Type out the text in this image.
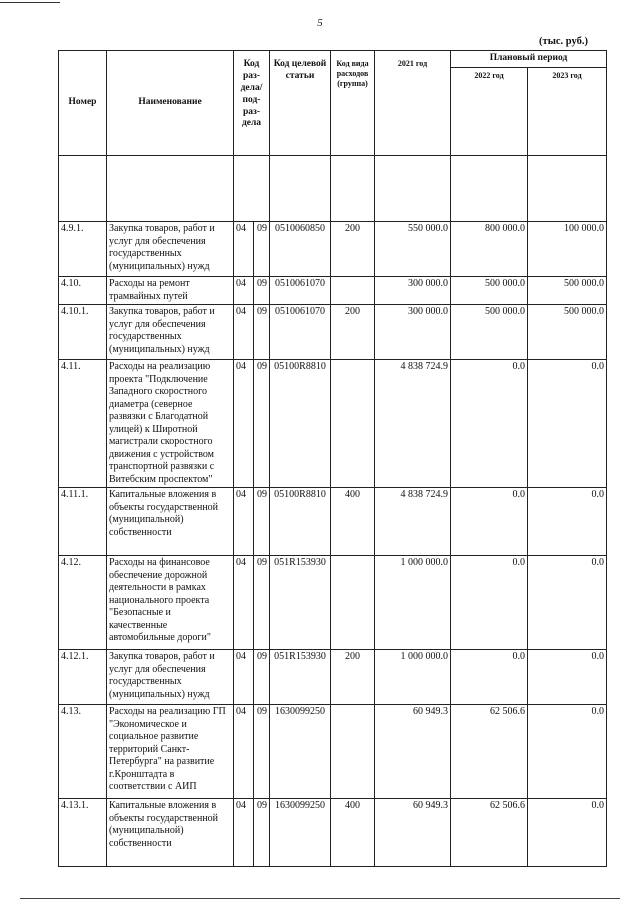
5
(тыс. руб.)
Номер	Наименование	Код раз-дела/ под-раз-дела		Код целевой статьи	Код вида расходов (группа)	2021 год	Плановый период	
							2022 год	2023 год

4.9.1.	Закупка товаров, работ и услуг для обеспечения государственных (муниципальных) нужд	04	09	0510060850	200	550 000.0	800 000.0	100 000.0
4.10.	Расходы на ремонт трамвайных путей	04	09	0510061070		300 000.0	500 000.0	500 000.0
4.10.1.	Закупка товаров, работ и услуг для обеспечения государственных (муниципальных) нужд	04	09	0510061070	200	300 000.0	500 000.0	500 000.0
4.11.	Расходы на реализацию проекта "Подключение Западного скоростного диаметра (северное развязки с Благодатной улицей) к Широтной магистрали скоростного движения с устройством транспортной развязки с Витебским проспектом"	04	09	05100R8810		4 838 724.9	0.0	0.0
4.11.1.	Капитальные вложения в объекты государственной (муниципальной) собственности	04	09	05100R8810	400	4 838 724.9	0.0	0.0
4.12.	Расходы на финансовое обеспечение дорожной деятельности в рамках национального проекта "Безопасные и качественные автомобильные дороги"	04	09	051R153930		1 000 000.0	0.0	0.0
4.12.1.	Закупка товаров, работ и услуг для обеспечения государственных (муниципальных) нужд	04	09	051R153930	200	1 000 000.0	0.0	0.0
4.13.	Расходы на реализацию ГП "Экономическое и социальное развитие территорий Санкт-Петербурга" на развитие г.Кронштадта в соответствии с АИП	04	09	1630099250		60 949.3	62 506.6	0.0
4.13.1.	Капитальные вложения в объекты государственной (муниципальной) собственности	04	09	1630099250	400	60 949.3	62 506.6	0.0
